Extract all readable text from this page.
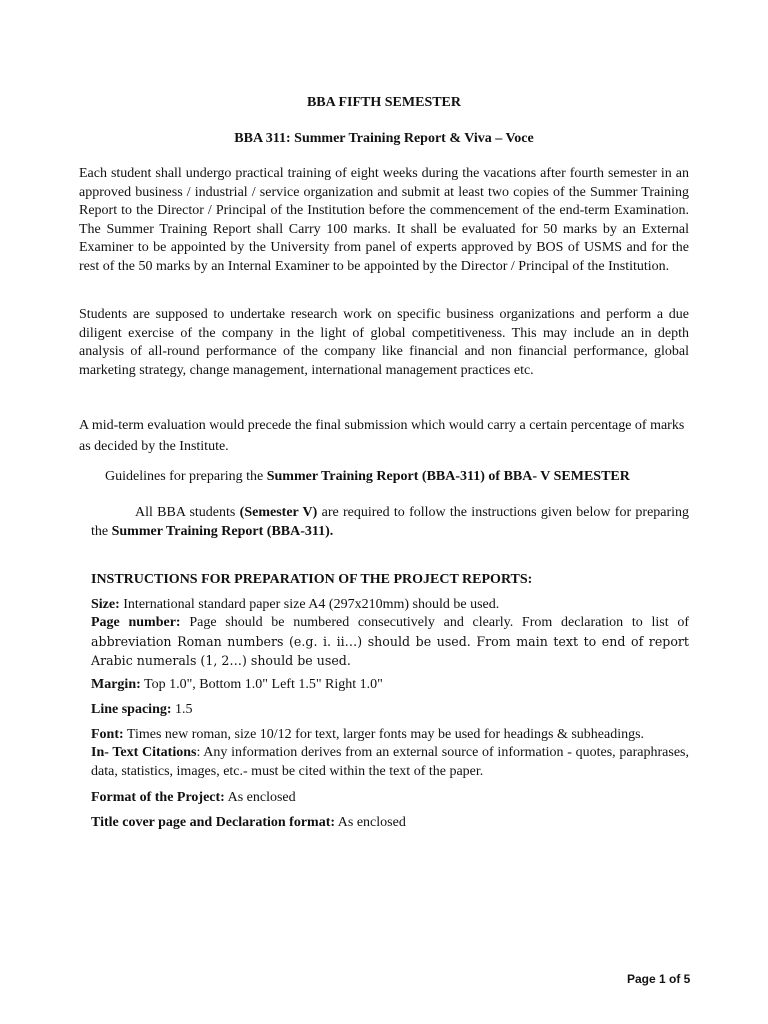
BBA FIFTH SEMESTER

BBA 311: Summer Training Report & Viva – Voce

Each student shall undergo practical training of eight weeks during the vacations after fourth semester in an approved business / industrial / service organization and submit at least two copies of the Summer Training Report to the Director / Principal of the Institution before the commencement of the end-term Examination. The Summer Training Report shall Carry 100 marks. It shall be evaluated for 50 marks by an External Examiner to be appointed by the University from panel of experts approved by BOS of USMS and for the rest of the 50 marks by an Internal Examiner to be appointed by the Director / Principal of the Institution.

Students are supposed to undertake research work on specific business organizations and perform a due diligent exercise of the company in the light of global competitiveness. This may include an in depth analysis of all-round performance of the company like financial and non financial performance, global marketing strategy, change management, international management practices etc.

A mid-term evaluation would precede the final submission which would carry a certain percentage of marks as decided by the Institute.

Guidelines for preparing the Summer Training Report (BBA-311) of BBA- V SEMESTER

All BBA students (Semester V) are required to follow the instructions given below for preparing the Summer Training Report (BBA-311).

INSTRUCTIONS FOR PREPARATION OF THE PROJECT REPORTS:

Size: International standard paper size A4 (297x210mm) should be used.

Page number: Page should be numbered consecutively and clearly. From declaration to list of abbreviation Roman numbers (e.g. i. ii…) should be used. From main text to end of report Arabic numerals (1, 2…) should be used.

Margin: Top 1.0", Bottom 1.0" Left 1.5" Right 1.0"

Line spacing: 1.5

Font: Times new roman, size 10/12 for text, larger fonts may be used for headings & subheadings.

In- Text Citations: Any information derives from an external source of information - quotes, paraphrases, data, statistics, images, etc.- must be cited within the text of the paper.

Format of the Project: As enclosed

Title cover page and Declaration format: As enclosed

Page 1 of 5
